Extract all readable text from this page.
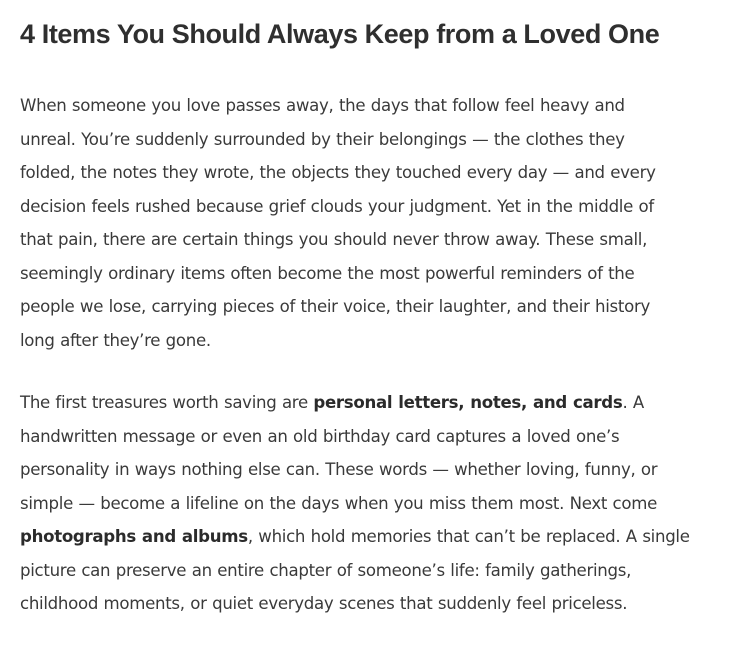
4 Items You Should Always Keep from a Loved One

When someone you love passes away, the days that follow feel heavy and
unreal. You’re suddenly surrounded by their belongings — the clothes they
folded, the notes they wrote, the objects they touched every day — and every
decision feels rushed because grief clouds your judgment. Yet in the middle of
that pain, there are certain things you should never throw away. These small,
seemingly ordinary items often become the most powerful reminders of the
people we lose, carrying pieces of their voice, their laughter, and their history
long after they’re gone.

The first treasures worth saving are personal letters, notes, and cards. A
handwritten message or even an old birthday card captures a loved one’s
personality in ways nothing else can. These words — whether loving, funny, or
simple — become a lifeline on the days when you miss them most. Next come
photographs and albums, which hold memories that can’t be replaced. A single
picture can preserve an entire chapter of someone’s life: family gatherings,
childhood moments, or quiet everyday scenes that suddenly feel priceless.
